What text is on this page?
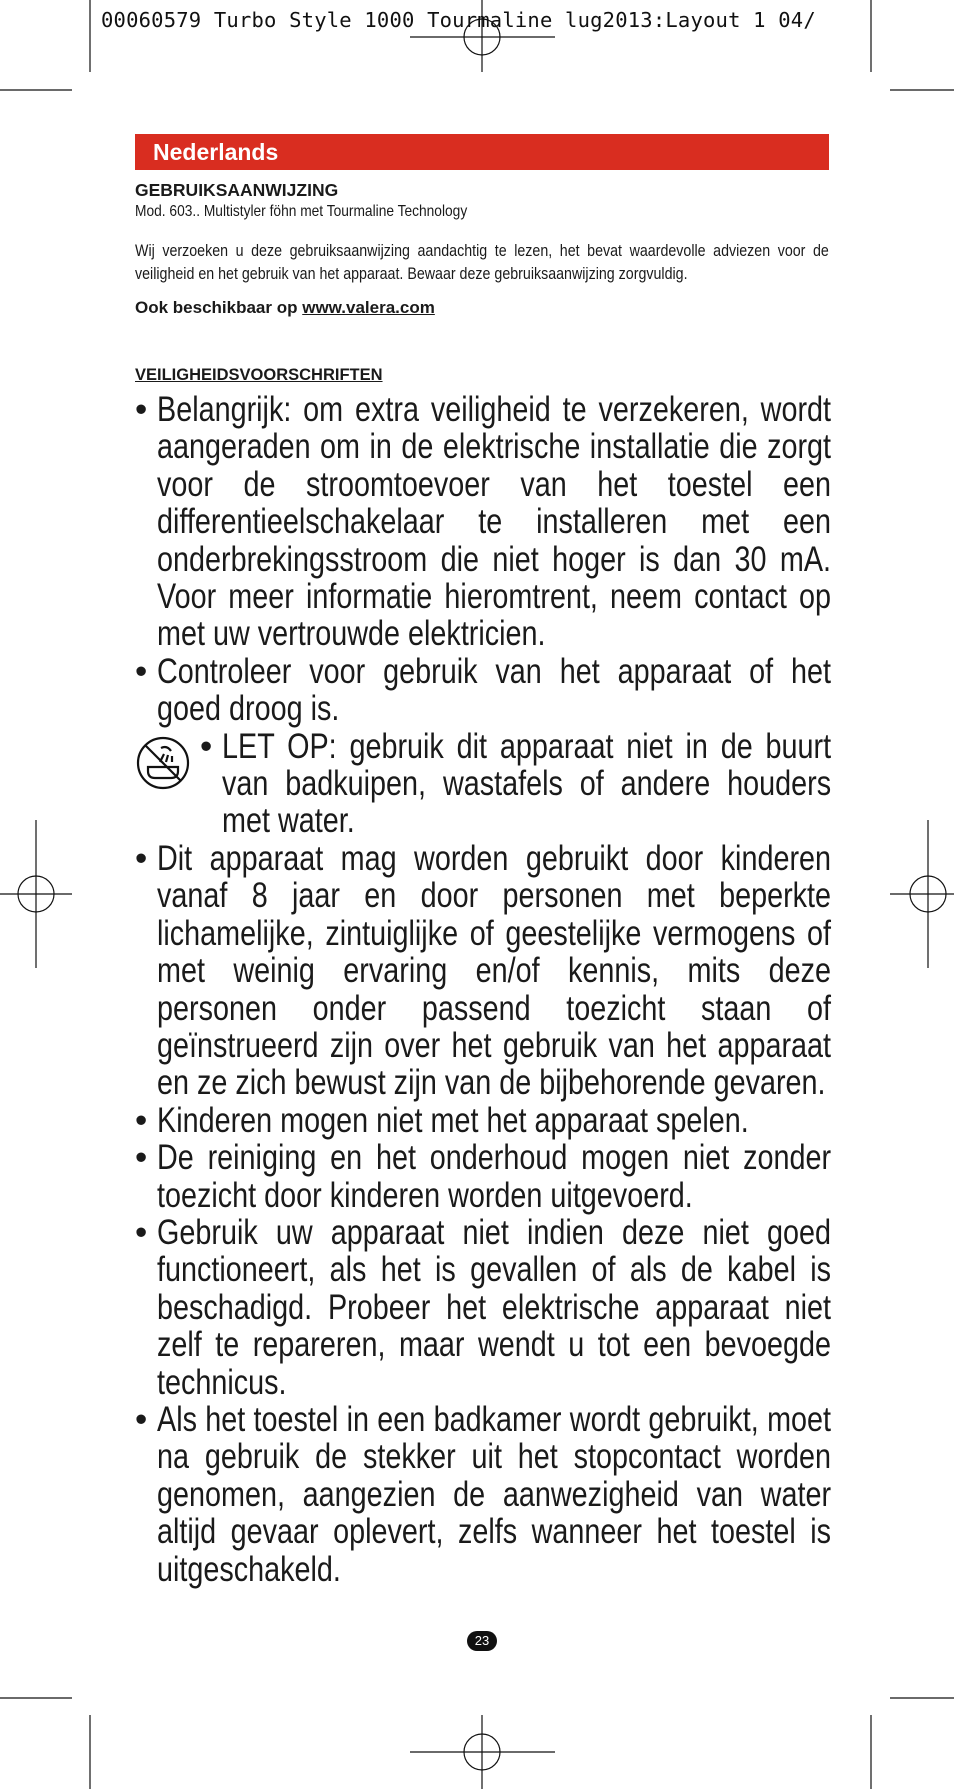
00060579 Turbo Style 1000 Tourmaline lug2013:Layout 1 04/
Nederlands
GEBRUIKSAANWIJZING
Mod. 603.. Multistyler föhn met Tourmaline Technology
Wij verzoeken u deze gebruiksaanwijzing aandachtig te lezen, het bevat waardevolle adviezen voor de veiligheid en het gebruik van het apparaat. Bewaar deze gebruiksaanwijzing zorgvuldig.
Ook beschikbaar op www.valera.com
VEILIGHEIDSVOORSCHRIFTEN
• Belangrijk: om extra veiligheid te verzekeren, wordt aangeraden om in de elektrische installatie die zorgt voor de stroomtoevoer van het toestel een differentieelschakelaar te installeren met een onderbrekingsstroom die niet hoger is dan 30 mA. Voor meer informatie hieromtrent, neem contact op met uw vertrouwde elektricien.
• Controleer voor gebruik van het apparaat of het goed droog is.
• LET OP: gebruik dit apparaat niet in de buurt van badkuipen, wastafels of andere houders met water.
• Dit apparaat mag worden gebruikt door kinderen vanaf 8 jaar en door personen met beperkte lichamelijke, zintuiglijke of geestelijke vermogens of met weinig ervaring en/of kennis, mits deze personen onder passend toezicht staan of geïnstrueerd zijn over het gebruik van het apparaat en ze zich bewust zijn van de bijbehorende gevaren.
• Kinderen mogen niet met het apparaat spelen.
• De reiniging en het onderhoud mogen niet zonder toezicht door kinderen worden uitgevoerd.
• Gebruik uw apparaat niet indien deze niet goed functioneert, als het is gevallen of als de kabel is beschadigd. Probeer het elektrische apparaat niet zelf te repareren, maar wendt u tot een bevoegde technicus.
• Als het toestel in een badkamer wordt gebruikt, moet na gebruik de stekker uit het stopcontact worden genomen, aangezien de aanwezigheid van water altijd gevaar oplevert, zelfs wanneer het toestel is uitgeschakeld.
23
